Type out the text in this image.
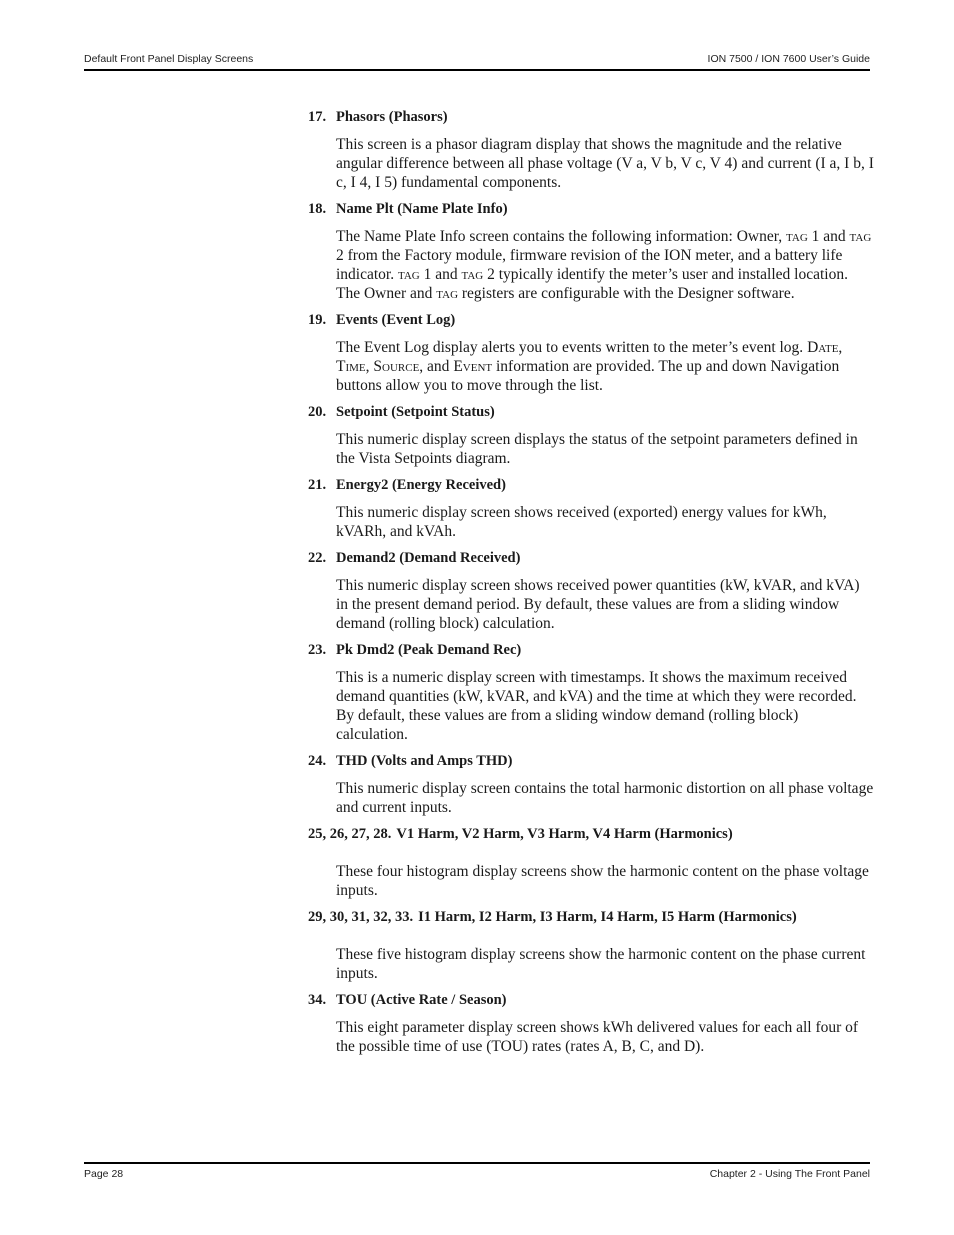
Default Front Panel Display Screens	ION 7500 / ION 7600 User’s Guide
17. Phasors (Phasors)

This screen is a phasor diagram display that shows the magnitude and the relative angular difference between all phase voltage (V a, V b, V c, V 4) and current (I a, I b, I c, I 4, I 5) fundamental components.

18. Name Plt (Name Plate Info)

The Name Plate Info screen contains the following information: Owner, tag 1 and tag 2 from the Factory module, firmware revision of the ION meter, and a battery life indicator. tag 1 and tag 2 typically identify the meter’s user and installed location. The Owner and tag registers are configurable with the Designer software.

19. Events (Event Log)

The Event Log display alerts you to events written to the meter’s event log. Date, Time, Source, and Event information are provided. The up and down Navigation buttons allow you to move through the list.

20. Setpoint (Setpoint Status)

This numeric display screen displays the status of the setpoint parameters defined in the Vista Setpoints diagram.

21. Energy2 (Energy Received)

This numeric display screen shows received (exported) energy values for kWh, kVARh, and kVAh.

22. Demand2 (Demand Received)

This numeric display screen shows received power quantities (kW, kVAR, and kVA) in the present demand period. By default, these values are from a sliding window demand (rolling block) calculation.

23. Pk Dmd2 (Peak Demand Rec)

This is a numeric display screen with timestamps. It shows the maximum received demand quantities (kW, kVAR, and kVA) and the time at which they were recorded. By default, these values are from a sliding window demand (rolling block) calculation.

24. THD (Volts and Amps THD)

This numeric display screen contains the total harmonic distortion on all phase voltage and current inputs.

25, 26, 27, 28. V1 Harm, V2 Harm, V3 Harm, V4 Harm (Harmonics)

These four histogram display screens show the harmonic content on the phase voltage inputs.

29, 30, 31, 32, 33. I1 Harm, I2 Harm, I3 Harm, I4 Harm, I5 Harm (Harmonics)

These five histogram display screens show the harmonic content on the phase current inputs.

34. TOU (Active Rate / Season)

This eight parameter display screen shows kWh delivered values for each all four of the possible time of use (TOU) rates (rates A, B, C, and D).

Page 28	Chapter 2 - Using The Front Panel
